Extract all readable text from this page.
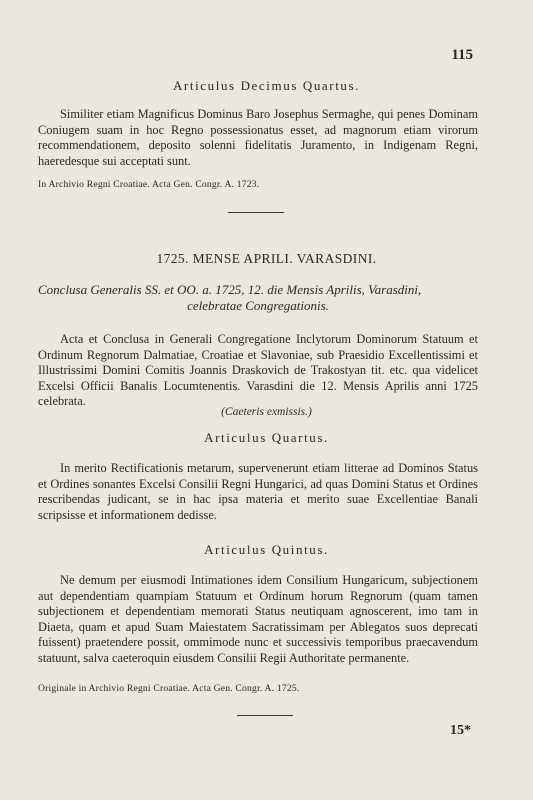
115
Articulus Decimus Quartus.
Similiter etiam Magnificus Dominus Baro Josephus Sermaghe, qui penes Dominam Coniugem suam in hoc Regno possessionatus esset, ad magnorum etiam virorum recommendationem, deposito solenni fidelitatis Juramento, in Indigenam Regni, haeredesque sui acceptati sunt.
In Archivio Regni Croatiae. Acta Gen. Congr. A. 1723.
1725. MENSE APRILI. VARASDINI.
Conclusa Generalis SS. et OO. a. 1725, 12. die Mensis Aprilis, Varasdini,
celebratae Congregationis.
Acta et Conclusa in Generali Congregatione Inclytorum Dominorum Statuum et Ordinum Regnorum Dalmatiae, Croatiae et Slavoniae, sub Praesidio Excellentissimi et Illustrissimi Domini Comitis Joannis Draskovich de Trakostyan tit. etc. qua videlicet Excelsi Officii Banalis Locumtenentis. Varasdini die 12. Mensis Aprilis anni 1725 celebrata.
(Caeteris exmissis.)
Articulus Quartus.
In merito Rectificationis metarum, supervenerunt etiam litterae ad Dominos Status et Ordines sonantes Excelsi Consilii Regni Hungarici, ad quas Domini Status et Ordines rescribendas judicant, se in hac ipsa materia et merito suae Excellentiae Banali scripsisse et informationem dedisse.
Articulus Quintus.
Ne demum per eiusmodi Intimationes idem Consilium Hungaricum, subjectionem aut dependentiam quampiam Statuum et Ordinum horum Regnorum (quam tamen subjectionem et dependentiam memorati Status neutiquam agnoscerent, imo tam in Diaeta, quam et apud Suam Maiestatem Sacratissimam per Ablegatos suos deprecati fuissent) praetendere possit, ommimode nunc et successivis temporibus praecavendum statuunt, salva caeteroquin eiusdem Consilii Regii Authoritate permanente.
Originale in Archivio Regni Croatiae. Acta Gen. Congr. A. 1725.
15*
